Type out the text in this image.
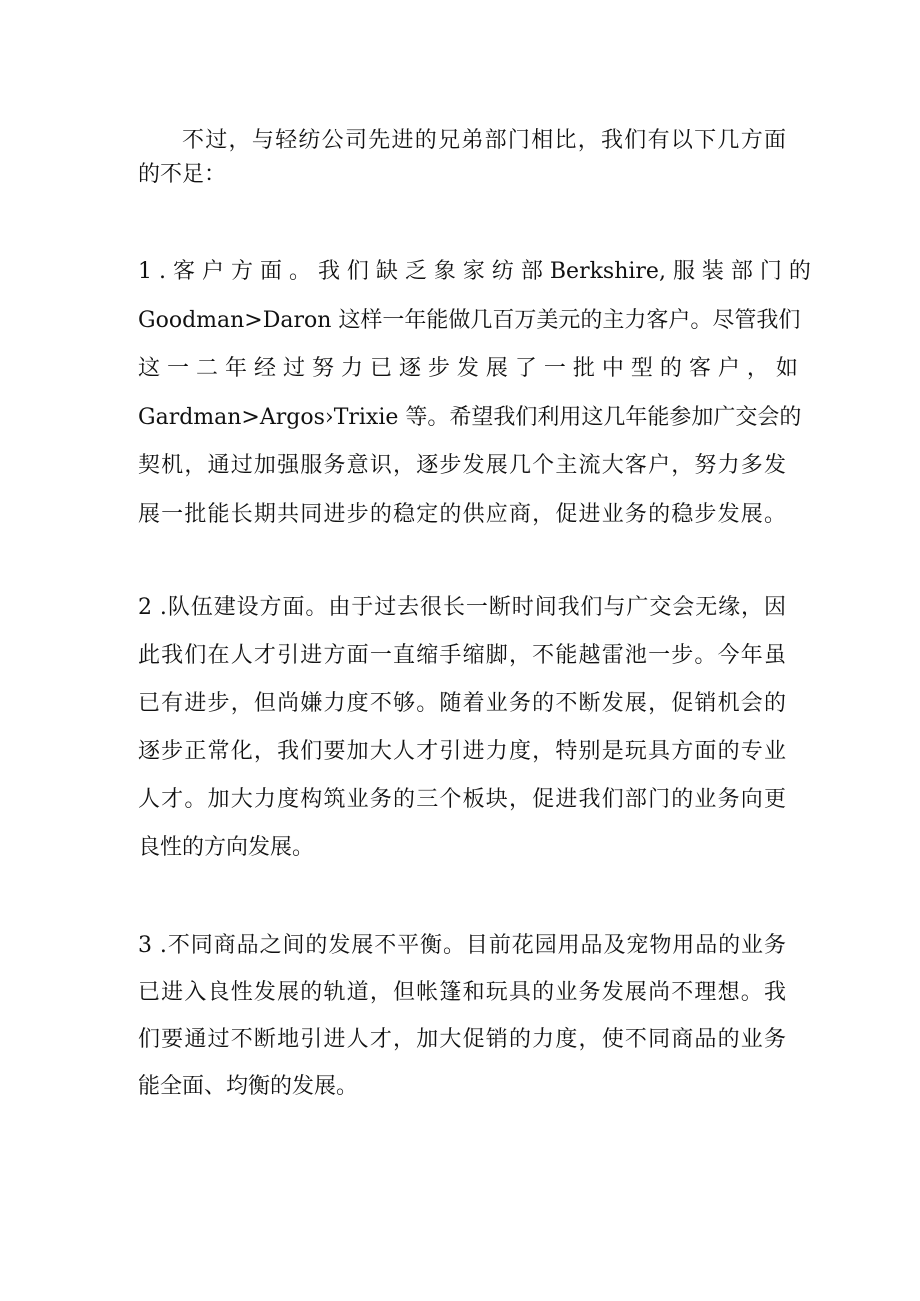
不过，与轻纺公司先进的兄弟部门相比，我们有以下几方面
的不足：
1 . 客 户 方 面 。 我 们 缺 乏 象 家 纺 部 Berkshire, 服 装 部 门 的
Goodman>Daron 这样一年能做几百万美元的主力客户。尽管我们
这 一 二 年 经 过 努 力 已 逐 步 发 展 了 一 批 中 型 的 客 户 ， 如
Gardman>Argos›Trixie 等。希望我们利用这几年能参加广交会的
契机，通过加强服务意识，逐步发展几个主流大客户，努力多发
展一批能长期共同进步的稳定的供应商，促进业务的稳步发展。
2 .队伍建设方面。由于过去很长一断时间我们与广交会无缘，因
此我们在人才引进方面一直缩手缩脚，不能越雷池一步。今年虽
已有进步，但尚嫌力度不够。随着业务的不断发展，促销机会的
逐步正常化，我们要加大人才引进力度，特别是玩具方面的专业
人才。加大力度构筑业务的三个板块，促进我们部门的业务向更
良性的方向发展。
3 .不同商品之间的发展不平衡。目前花园用品及宠物用品的业务
已进入良性发展的轨道，但帐篷和玩具的业务发展尚不理想。我
们要通过不断地引进人才，加大促销的力度，使不同商品的业务
能全面、均衡的发展。
